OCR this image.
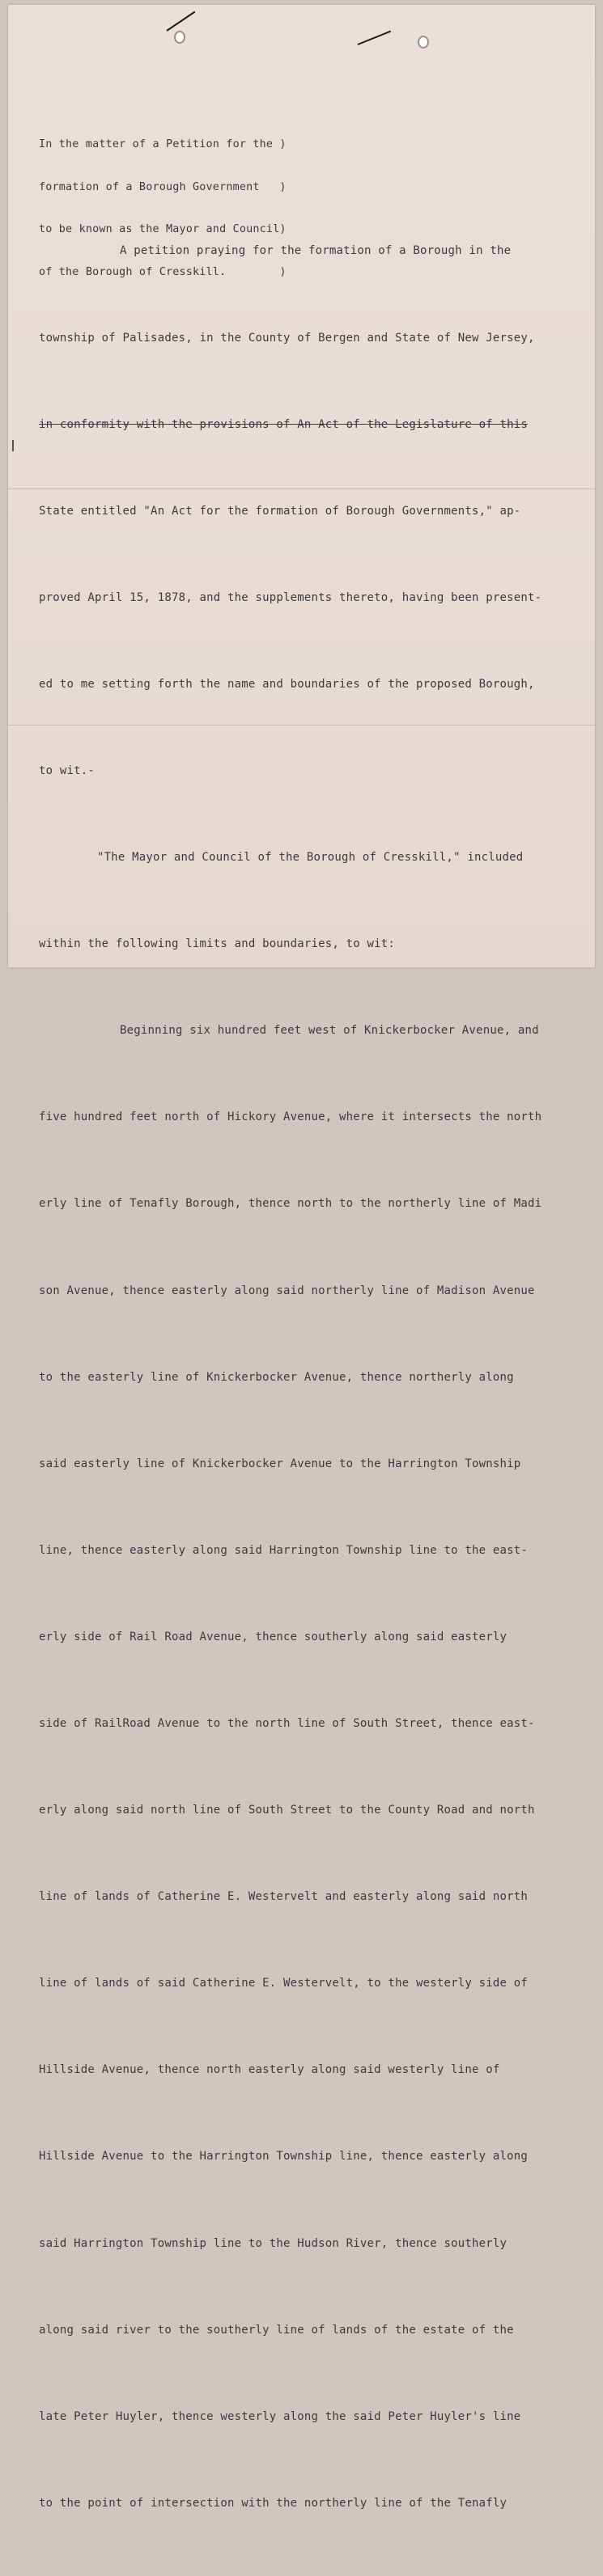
In the matter of a Petition for the )

formation of a Borough Government   )

to be known as the Mayor and Council)

of the Borough of Cresskill.        )

A petition praying for the formation of a Borough in the

township of Palisades, in the County of Bergen and State of New Jersey,

in conformity with the provisions of An Act of the Legislature of this

State entitled "An Act for the formation of Borough Governments," ap-

proved April 15, 1878, and the supplements thereto, having been present-

ed to me setting forth the name and boundaries of the proposed Borough,

to wit.-

"The Mayor and Council of the Borough of Cresskill," included

within the following limits and boundaries, to wit:

Beginning six hundred feet west of Knickerbocker Avenue, and

five hundred feet north of Hickory Avenue, where it intersects the north

erly line of Tenafly Borough, thence north to the northerly line of Madi

son Avenue, thence easterly along said northerly line of Madison Avenue

to the easterly line of Knickerbocker Avenue, thence northerly along

said easterly line of Knickerbocker Avenue to the Harrington Township

line, thence easterly along said Harrington Township line to the east-

erly side of Rail Road Avenue, thence southerly along said easterly

side of RailRoad Avenue to the north line of South Street, thence east-

erly along said north line of South Street to the County Road and north

line of lands of Catherine E. Westervelt and easterly along said north

line of lands of said Catherine E. Westervelt, to the westerly side of

Hillside Avenue, thence north easterly along said westerly line of

Hillside Avenue to the Harrington Township line, thence easterly along

said Harrington Township line to the Hudson River, thence southerly

along said river to the southerly line of lands of the estate of the

late Peter Huyler, thence westerly along the said Peter Huyler's line

to the point of intersection with the northerly line of the Tenafly
